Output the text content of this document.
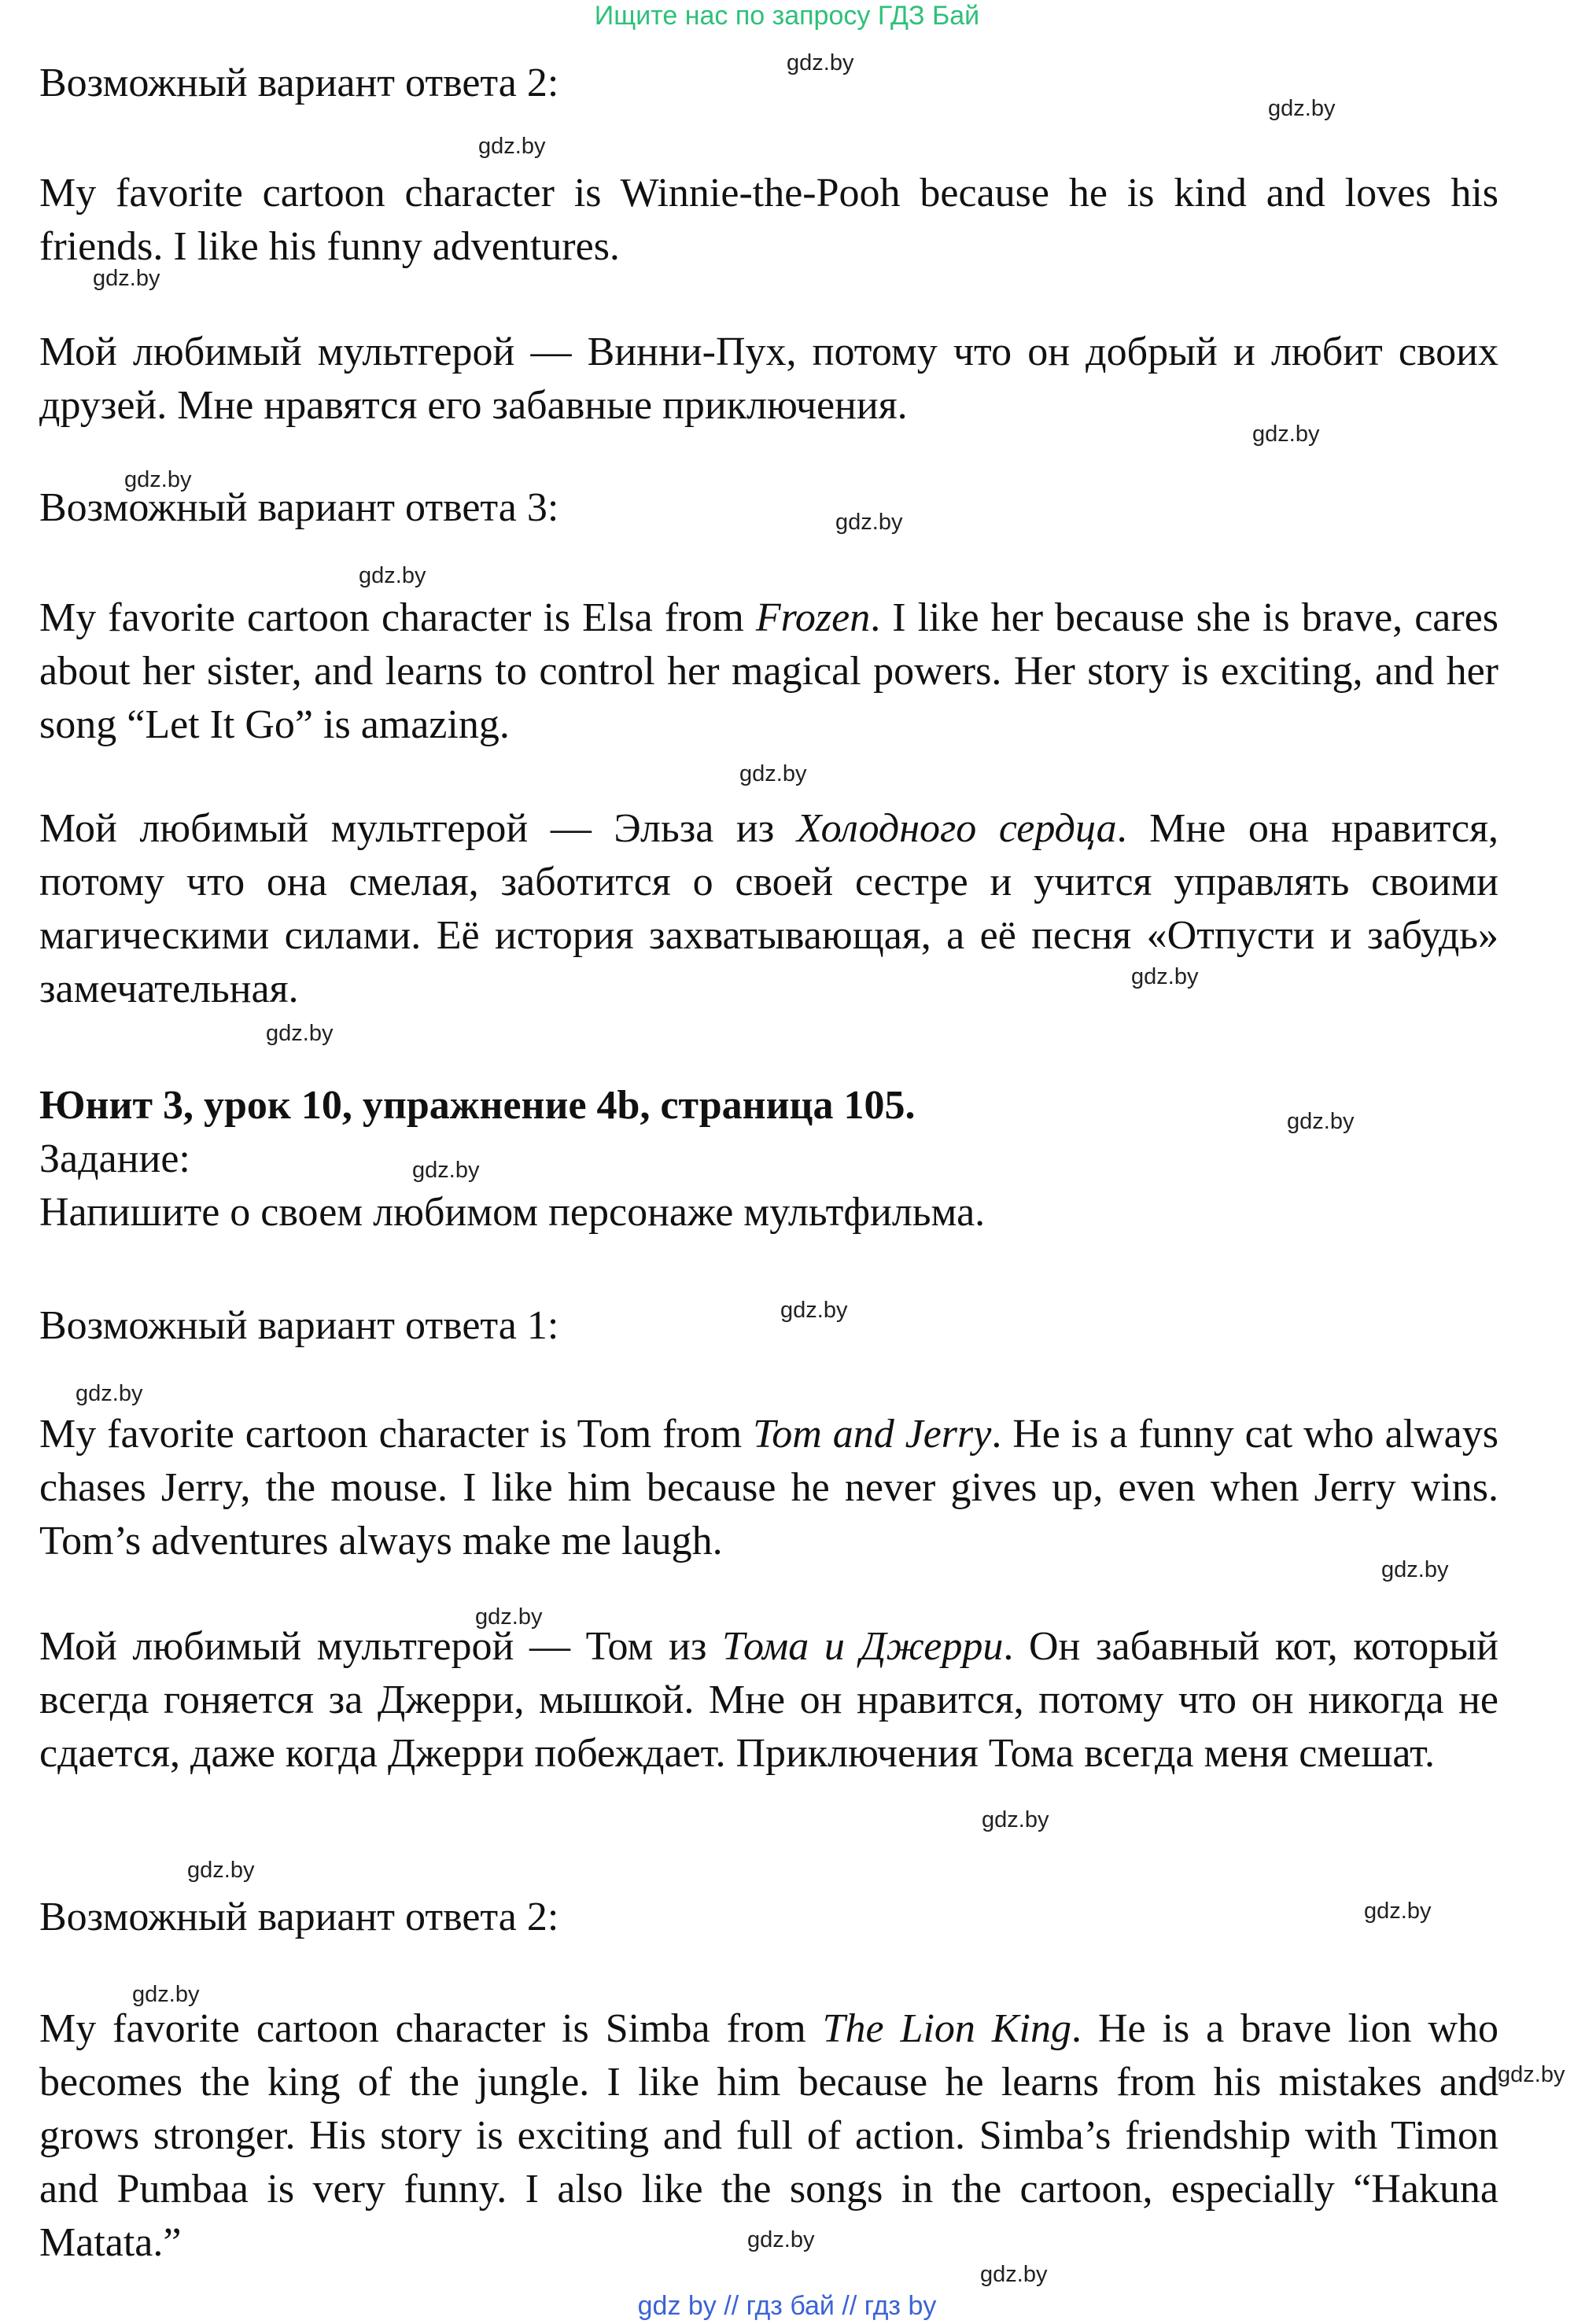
Ищите нас по запросу ГДЗ Бай
Возможный вариант ответа 2:
My favorite cartoon character is Winnie-the-Pooh because he is kind and loves his friends. I like his funny adventures.
Мой любимый мультгерой — Винни-Пух, потому что он добрый и любит своих друзей. Мне нравятся его забавные приключения.
Возможный вариант ответа 3:
My favorite cartoon character is Elsa from Frozen. I like her because she is brave, cares about her sister, and learns to control her magical powers. Her story is exciting, and her song “Let It Go” is amazing.
Мой любимый мультгерой — Эльза из Холодного сердца. Мне она нравится, потому что она смелая, заботится о своей сестре и учится управлять своими магическими силами. Её история захватывающая, а её песня «Отпусти и забудь» замечательная.
Юнит 3, урок 10, упражнение 4b, страница 105.
Задание:
Напишите о своем любимом персонаже мультфильма.
Возможный вариант ответа 1:
My favorite cartoon character is Tom from Tom and Jerry. He is a funny cat who always chases Jerry, the mouse. I like him because he never gives up, even when Jerry wins. Tom’s adventures always make me laugh.
Мой любимый мультгерой — Том из Тома и Джерри. Он забавный кот, который всегда гоняется за Джерри, мышкой. Мне он нравится, потому что он никогда не сдается, даже когда Джерри побеждает. Приключения Тома всегда меня смешат.
Возможный вариант ответа 2:
My favorite cartoon character is Simba from The Lion King. He is a brave lion who becomes the king of the jungle. I like him because he learns from his mistakes and grows stronger. His story is exciting and full of action. Simba’s friendship with Timon and Pumbaa is very funny. I also like the songs in the cartoon, especially “Hakuna Matata.”
gdz.by
gdz.by
gdz.by
gdz.by
gdz.by
gdz.by
gdz.by
gdz.by
gdz.by
gdz.by
gdz.by
gdz.by
gdz.by
gdz.by
gdz.by
gdz.by
gdz.by
gdz.by
gdz.by
gdz.by
gdz.by
gdz.by
gdz.by
gdz.by
gdz by // гдз бай // гдз by
